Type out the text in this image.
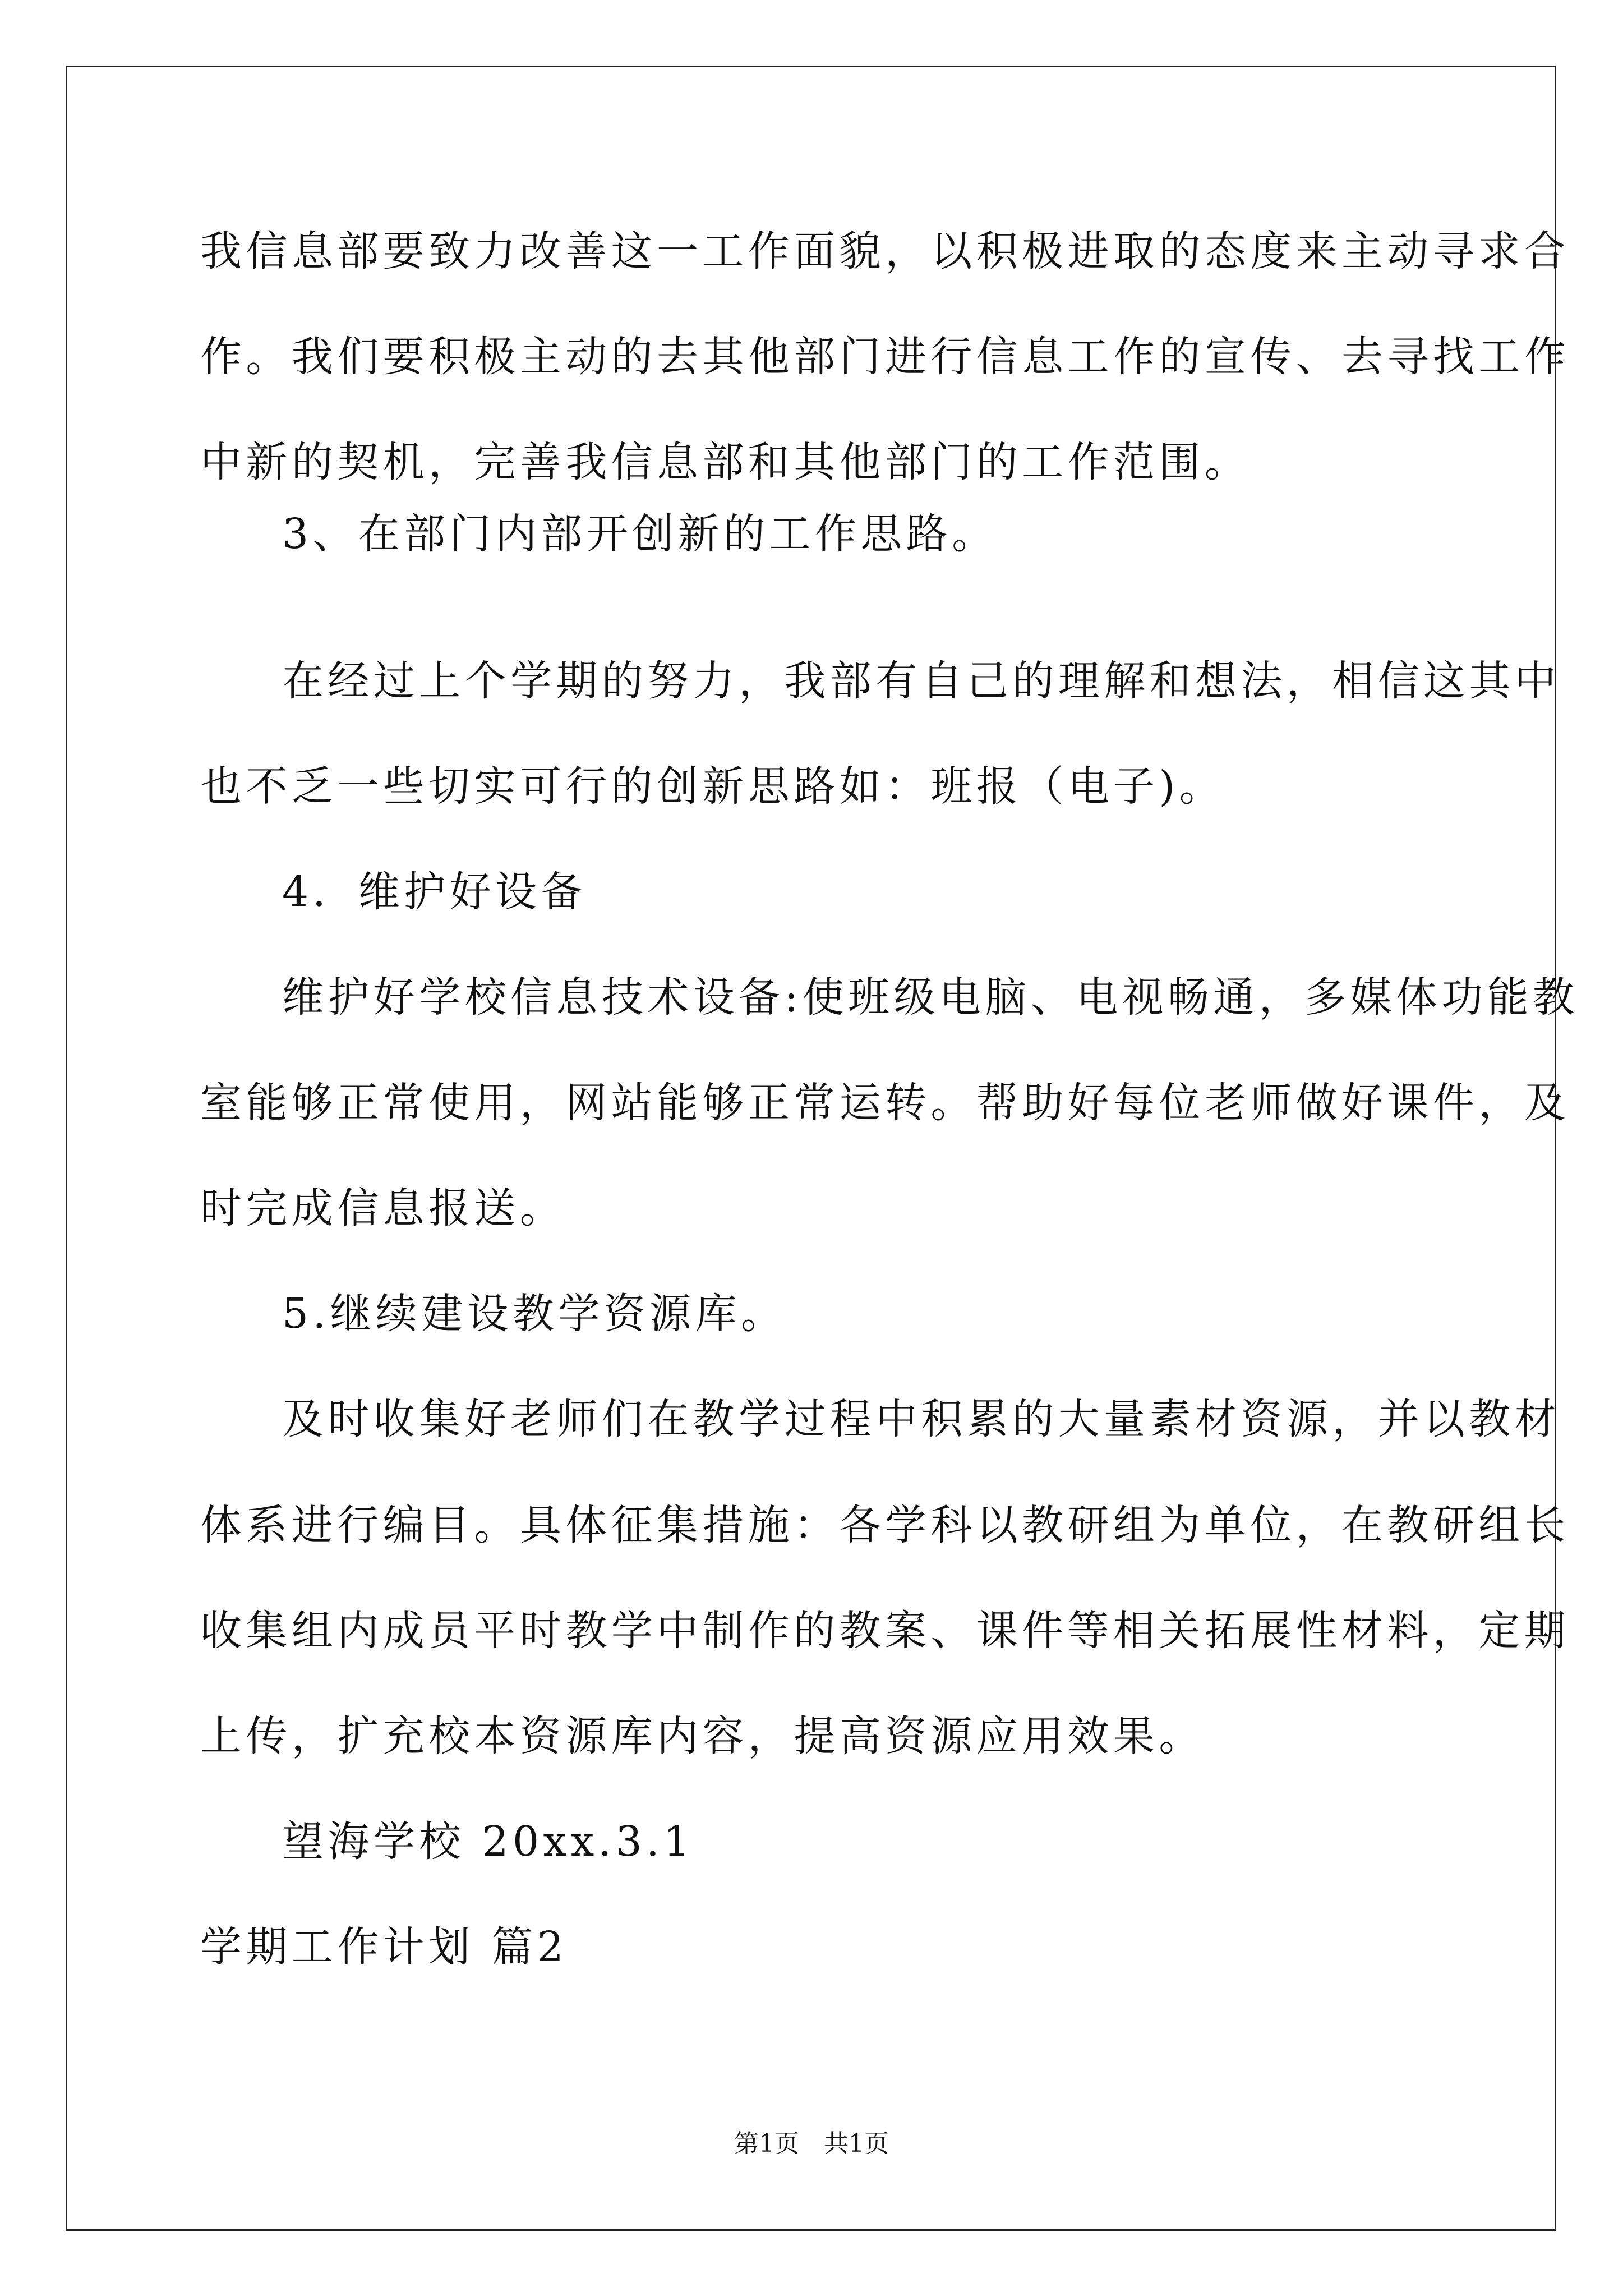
我信息部要致力改善这一工作面貌，以积极进取的态度来主动寻求合
作。我们要积极主动的去其他部门进行信息工作的宣传、去寻找工作
中新的契机，完善我信息部和其他部门的工作范围。
3、在部门内部开创新的工作思路。
在经过上个学期的努力，我部有自己的理解和想法，相信这其中
也不乏一些切实可行的创新思路如：班报（电子)。
4．维护好设备
维护好学校信息技术设备:使班级电脑、电视畅通，多媒体功能教
室能够正常使用，网站能够正常运转。帮助好每位老师做好课件，及
时完成信息报送。
5.继续建设教学资源库。
及时收集好老师们在教学过程中积累的大量素材资源，并以教材
体系进行编目。具体征集措施：各学科以教研组为单位，在教研组长
收集组内成员平时教学中制作的教案、课件等相关拓展性材料，定期
上传，扩充校本资源库内容，提高资源应用效果。
望海学校 20xx.3.1
学期工作计划 篇2
第1页　共1页
